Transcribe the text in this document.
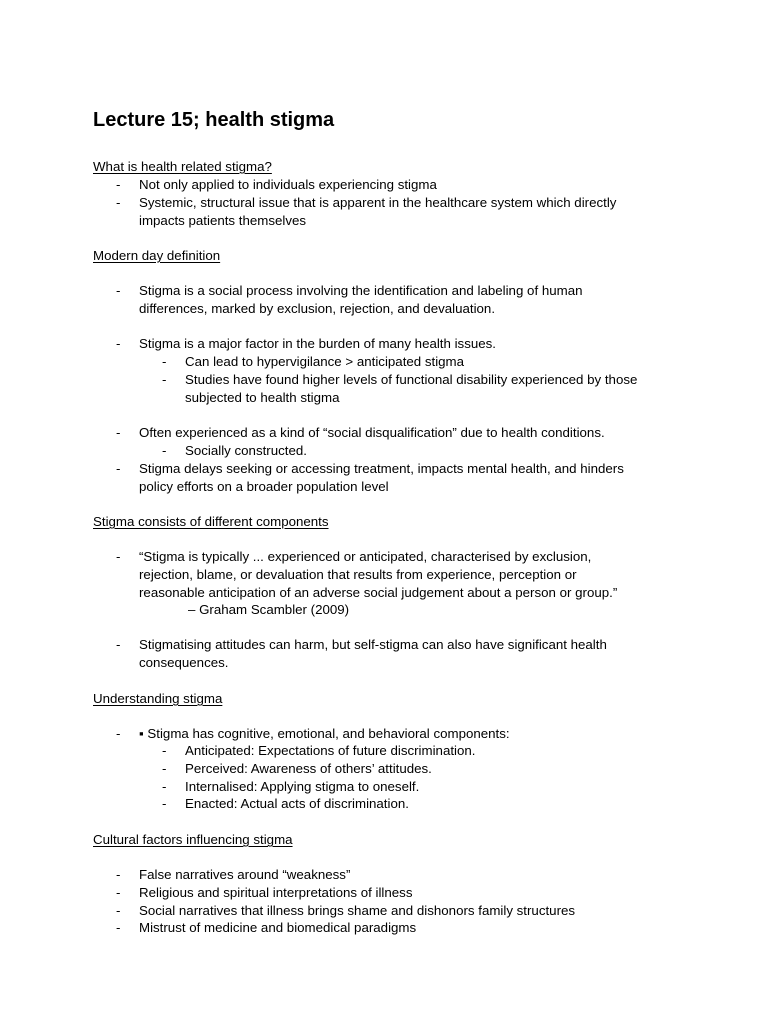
Lecture 15; health stigma
What is health related stigma?
- Not only applied to individuals experiencing stigma
- Systemic, structural issue that is apparent in the healthcare system which directly
impacts patients themselves
Modern day definition
- Stigma is a social process involving the identification and labeling of human
differences, marked by exclusion, rejection, and devaluation.
- Stigma is a major factor in the burden of many health issues.
- Can lead to hypervigilance > anticipated stigma
- Studies have found higher levels of functional disability experienced by those
subjected to health stigma
- Often experienced as a kind of “social disqualification” due to health conditions.
- Socially constructed.
- Stigma delays seeking or accessing treatment, impacts mental health, and hinders
policy efforts on a broader population level
Stigma consists of different components
- “Stigma is typically ... experienced or anticipated, characterised by exclusion,
rejection, blame, or devaluation that results from experience, perception or
reasonable anticipation of an adverse social judgement about a person or group.”
– Graham Scambler (2009)
- Stigmatising attitudes can harm, but self-stigma can also have significant health
consequences.
Understanding stigma
- ▪ Stigma has cognitive, emotional, and behavioral components:
- Anticipated: Expectations of future discrimination.
- Perceived: Awareness of others’ attitudes.
- Internalised: Applying stigma to oneself.
- Enacted: Actual acts of discrimination.
Cultural factors influencing stigma
- False narratives around “weakness”
- Religious and spiritual interpretations of illness
- Social narratives that illness brings shame and dishonors family structures
- Mistrust of medicine and biomedical paradigms
